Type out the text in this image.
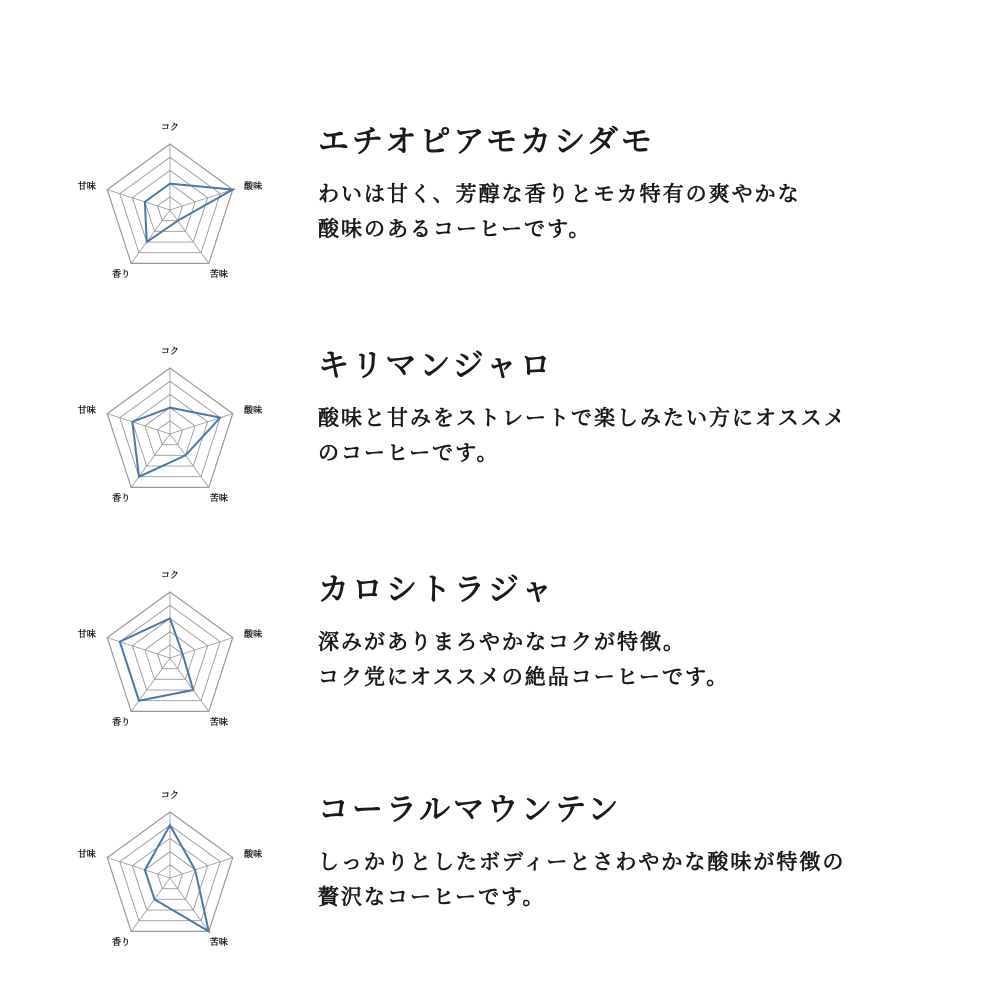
コク
酸味
苦味
香り
甘味
エチオピアモカシダモ
わいは甘く、芳醇な香りとモカ特有の爽やかな
酸味のあるコーヒーです。
コク
酸味
苦味
香り
甘味
キリマンジャロ
酸味と甘みをストレートで楽しみたい方にオススメ
のコーヒーです。
コク
酸味
苦味
香り
甘味
カロシトラジャ
深みがありまろやかなコクが特徴。
コク党にオススメの絶品コーヒーです。
コク
酸味
苦味
香り
甘味
コーラルマウンテン
しっかりとしたボディーとさわやかな酸味が特徴の
贅沢なコーヒーです。
